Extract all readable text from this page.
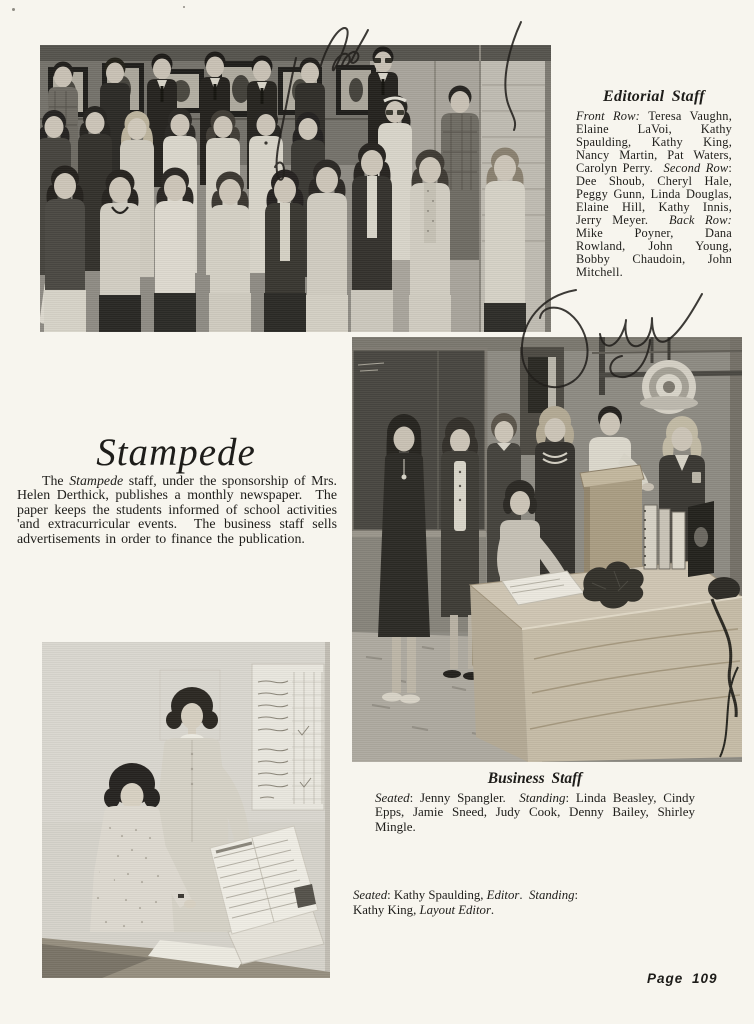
Editorial Staff
Front Row: Teresa Vaughn, Elaine LaVoi, Kathy Spaulding, Kathy King, Nancy Martin, Pat Waters, Carolyn Perry.  Second Row: Dee Shoub, Cheryl Hale, Peggy Gunn, Linda Douglas, Elaine Hill, Kathy Innis, Jerry Meyer.  Back Row: Mike Poyner, Dana Rowland, John Young, Bobby Chaudoin, John Mitchell.
Stampede

The Stampede staff, under the sponsorship of Mrs. Helen Derthick, publishes a monthly newspaper.  The paper keeps the students informed of school activities 'and extracurricular events.  The business staff sells advertisements in order to finance the publication.

Business Staff
Seated: Jenny Spangler.  Standing: Linda Beasley, Cindy Epps, Jamie Sneed, Judy Cook, Denny Bailey, Shirley Mingle.

Seated: Kathy Spaulding, Editor.  Standing: Kathy King, Layout Editor.

Page 109
